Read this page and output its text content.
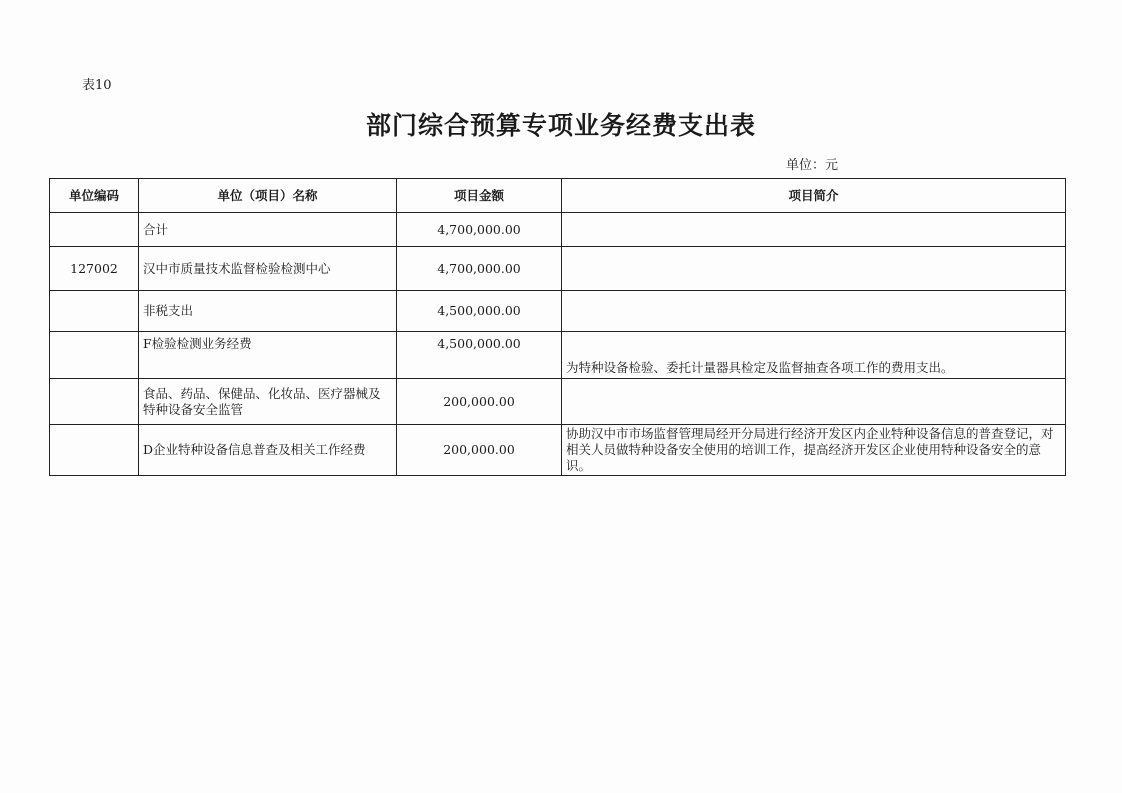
表10
部门综合预算专项业务经费支出表
单位：元
单位编码	单位（项目）名称	项目金额	项目简介
	合计	4,700,000.00	
127002	汉中市质量技术监督检验检测中心	4,700,000.00	
	非税支出	4,500,000.00	
	F检验检测业务经费	4,500,000.00	为特种设备检验、委托计量器具检定及监督抽查各项工作的费用支出。
	食品、药品、保健品、化妆品、医疗器械及特种设备安全监管	200,000.00	
	D企业特种设备信息普查及相关工作经费	200,000.00	协助汉中市市场监督管理局经开分局进行经济开发区内企业特种设备信息的普查登记，对相关人员做特种设备安全使用的培训工作，提高经济开发区企业使用特种设备安全的意识。
